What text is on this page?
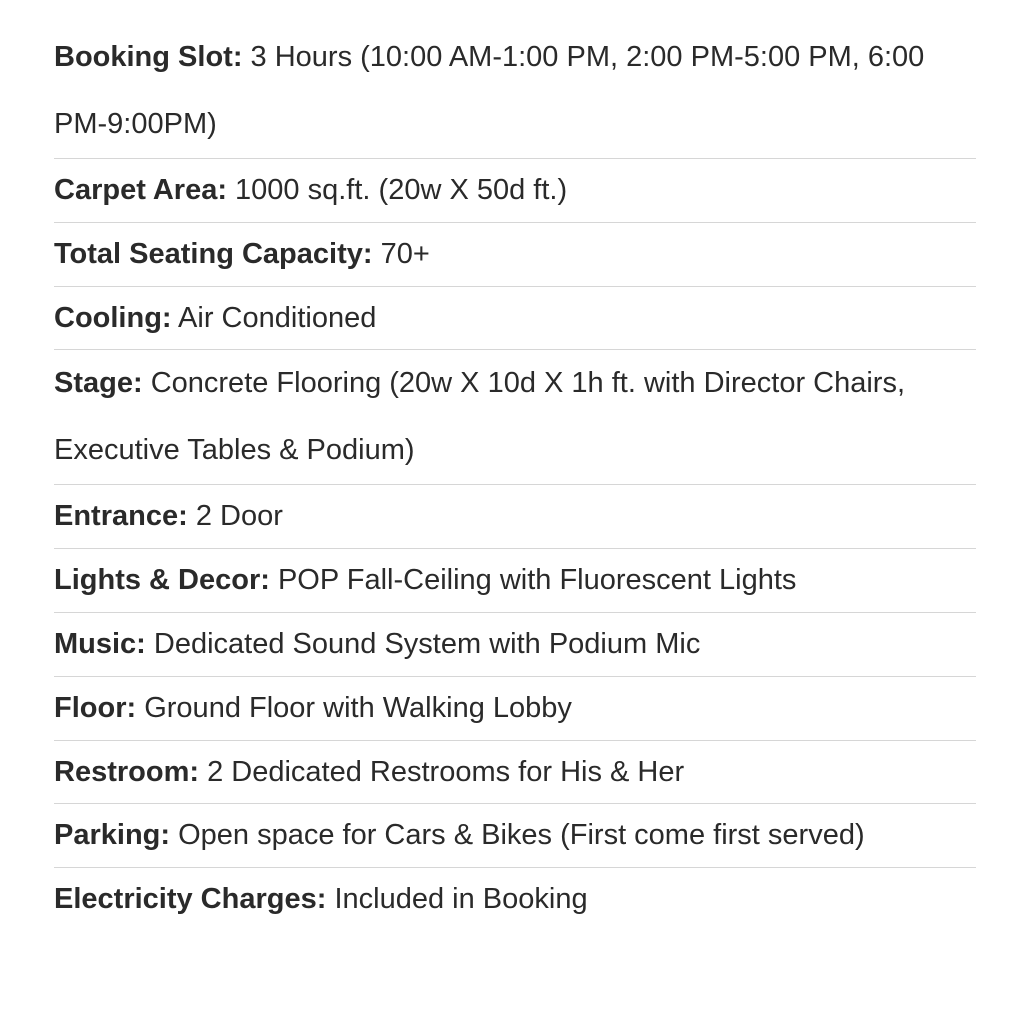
Booking Slot: 3 Hours (10:00 AM-1:00 PM, 2:00 PM-5:00 PM, 6:00 PM-9:00PM)
Carpet Area: 1000 sq.ft. (20w X 50d ft.)
Total Seating Capacity: 70+
Cooling: Air Conditioned
Stage: Concrete Flooring (20w X 10d X 1h ft. with Director Chairs, Executive Tables & Podium)
Entrance: 2 Door
Lights & Decor: POP Fall-Ceiling with Fluorescent Lights
Music: Dedicated Sound System with Podium Mic
Floor: Ground Floor with Walking Lobby
Restroom: 2 Dedicated Restrooms for His & Her
Parking: Open space for Cars & Bikes (First come first served)
Electricity Charges: Included in Booking
